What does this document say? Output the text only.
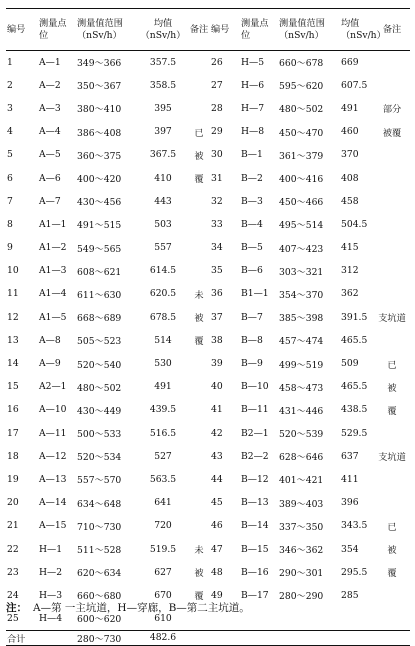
编号	测量点位	测量值范围（nSv/h）	均值（nSv/h）	备注	编号	测量点位	测量值范围（nSv/h）	均值（nSv/h）	备注
1	A—1	349～366	357.5		26	H—5	660～678	669	
2	A—2	350～367	358.5		27	H—6	595～620	607.5	
3	A—3	380～410	395		28	H—7	480～502	491	部分
4	A—4	386～408	397	已	29	H—8	450～470	460	被覆
5	A—5	360～375	367.5	被	30	B—1	361～379	370	
6	A—6	400～420	410	覆	31	B—2	400～416	408	
7	A—7	430～456	443		32	B—3	450～466	458	
8	A1—1	491～515	503		33	B—4	495～514	504.5	
9	A1—2	549～565	557		34	B—5	407～423	415	
10	A1—3	608～621	614.5		35	B—6	303～321	312	
11	A1—4	611～630	620.5	未	36	B1—1	354～370	362	
12	A1—5	668～689	678.5	被	37	B—7	385～398	391.5	支坑道
13	A—8	505～523	514	覆	38	B—8	457～474	465.5	
14	A—9	520～540	530		39	B—9	499～519	509	已
15	A2—1	480～502	491		40	B—10	458～473	465.5	被
16	A—10	430～449	439.5		41	B—11	431～446	438.5	覆
17	A—11	500～533	516.5		42	B2—1	520～539	529.5	
18	A—12	520～534	527		43	B2—2	628～646	637	支坑道
19	A—13	557～570	563.5		44	B—12	401～421	411	
20	A—14	634～648	641		45	B—13	389～403	396	
21	A—15	710～730	720		46	B—14	337～350	343.5	已
22	H—1	511～528	519.5	未	47	B—15	346～362	354	被
23	H—2	620～634	627	被	48	B—16	290～301	295.5	覆
24	H—3	660～680	670	覆	49	B—17	280～290	285	
25	H—4	600～620	610						
合计		280～730	482.6						
注： A—第 一主坑道，H—穿廊，B—第二主坑道。
